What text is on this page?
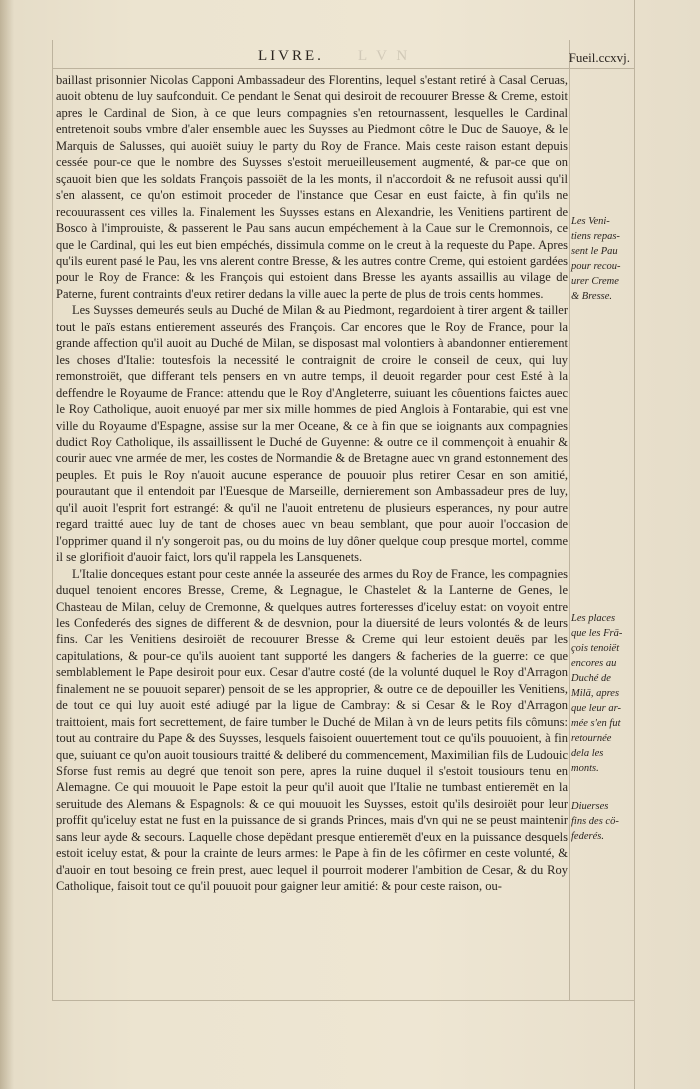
LIVRE. L V N	Fueil.ccxvj.

baillast prisonnier Nicolas Capponi Ambassadeur des Florentins, lequel s'estant retiré à Casal Ceruas, auoit obtenu de luy saufconduit. Ce pendant le Senat qui desiroit de recouurer Bresse & Creme, estoit apres le Cardinal de Sion, à ce que leurs compagnies s'en retournassent, lesquelles le Cardinal entretenoit soubs vmbre d'aler ensemble auec les Suysses au Piedmont côtre le Duc de Sauoye, & le Marquis de Salusses, qui auoiët suiuy le party du Roy de France. Mais ceste raison estant depuis cessée pour-ce que le nombre des Suysses s'estoit merueilleusement augmenté, & par-ce que on sçauoit bien que les soldats François passoiët de la les monts, il n'accordoit & ne refusoit aussi qu'il s'en alassent, ce qu'on estimoit proceder de l'instance que Cesar en eust faicte, à fin qu'ils ne recouurassent ces villes la. Finalement les Suysses estans en Alexandrie, les Venitiens partirent de Bosco à l'improuiste, & passerent le Pau sans aucun empéchement à la Caue sur le Cremonnois, ce que le Cardinal, qui les eut bien empéchés, dissimula comme on le creut à la requeste du Pape. Apres qu'ils eurent pasé le Pau, les vns alerent contre Bresse, & les autres contre Creme, qui estoient gardées pour le Roy de France: & les François qui estoient dans Bresse les ayants assaillis au vilage de Paterne, furent contraints d'eux retirer dedans la ville auec la perte de plus de trois cents hommes.

Les Suysses demeurés seuls au Duché de Milan & au Piedmont, regardoient à tirer argent & tailler tout le païs estans entierement asseurés des François. Car encores que le Roy de France, pour la grande affection qu'il auoit au Duché de Milan, se disposast mal volontiers à abandonner entierement les choses d'Italie: toutesfois la necessité le contraignit de croire le conseil de ceux, qui luy remonstroiët, que differant tels pensers en vn autre temps, il deuoit regarder pour cest Esté à la deffendre le Royaume de France: attendu que le Roy d'Angleterre, suiuant les côuentions faictes auec le Roy Catholique, auoit enuoyé par mer six mille hommes de pied Anglois à Fontarabie, qui est vne ville du Royaume d'Espagne, assise sur la mer Oceane, & ce à fin que se ioignants aux compagnies dudict Roy Catholique, ils assaillissent le Duché de Guyenne: & outre ce il commençoit à enuahir & courir auec vne armée de mer, les costes de Normandie & de Bretagne auec vn grand estonnement des peuples. Et puis le Roy n'auoit aucune esperance de pouuoir plus retirer Cesar en son amitié, pourautant que il entendoit par l'Euesque de Marseille, dernierement son Ambassadeur pres de luy, qu'il auoit l'esprit fort estrangé: & qu'il ne l'auoit entretenu de plusieurs esperances, ny pour autre regard traitté auec luy de tant de choses auec vn beau semblant, que pour auoir l'occasion de l'opprimer quand il n'y songeroit pas, ou du moins de luy dôner quelque coup presque mortel, comme il se glorifioit d'auoir faict, lors qu'il rappela les Lansquenets.

L'Italie donceques estant pour ceste année la asseurée des armes du Roy de France, les compagnies duquel tenoient encores Bresse, Creme, & Legnague, le Chastelet & la Lanterne de Genes, le Chasteau de Milan, celuy de Cremonne, & quelques autres forteresses d'iceluy estat: on voyoit entre les Confederés des signes de different & de desvnion, pour la diuersité de leurs volontés & de leurs fins. Car les Venitiens desiroiët de recouurer Bresse & Creme qui leur estoient deuës par les capitulations, & pour-ce qu'ils auoient tant supporté les dangers & facheries de la guerre: ce que semblablement le Pape desiroit pour eux. Cesar d'autre costé (de la volunté duquel le Roy d'Arragon finalement ne se pouuoit separer) pensoit de se les approprier, & outre ce de depouiller les Venitiens, de tout ce qui luy auoit esté adiugé par la ligue de Cambray: & si Cesar & le Roy d'Arragon traittoient, mais fort secrettement, de faire tumber le Duché de Milan à vn de leurs petits fils cômuns: tout au contraire du Pape & des Suysses, lesquels faisoient ouuertement tout ce qu'ils pouuoient, à fin que, suiuant ce qu'on auoit tousiours traitté & deliberé du commencement, Maximilian fils de Ludouic Sforse fust remis au degré que tenoit son pere, apres la ruine duquel il s'estoit tousiours tenu en Alemagne. Ce qui mouuoit le Pape estoit la peur qu'il auoit que l'Italie ne tumbast entieremët en la seruitude des Alemans & Espagnols: & ce qui mouuoit les Suysses, estoit qu'ils desiroiët pour leur proffit qu'iceluy estat ne fust en la puissance de si grands Princes, mais d'vn qui ne se peust maintenir sans leur ayde & secours. Laquelle chose depëdant presque entieremët d'eux en la puissance desquels estoit iceluy estat, & pour la crainte de leurs armes: le Pape à fin de les côfirmer en ceste volunté, & d'auoir en tout besoing ce frein prest, auec lequel il pourroit moderer l'ambition de Cesar, & du Roy Catholique, faisoit tout ce qu'il pouuoit pour gaigner leur amitié: & pour ceste raison, ou-

Les Veni-
tiens repas-
sent le Pau
pour recou-
urer Creme
& Bresse.
Les places
que les Frä-
çois tenoiët
encores au
Duché de
Milä, apres
que leur ar-
mée s'en fut
retournée
dela les
monts.
Diuerses
fins des cö-
federés.
